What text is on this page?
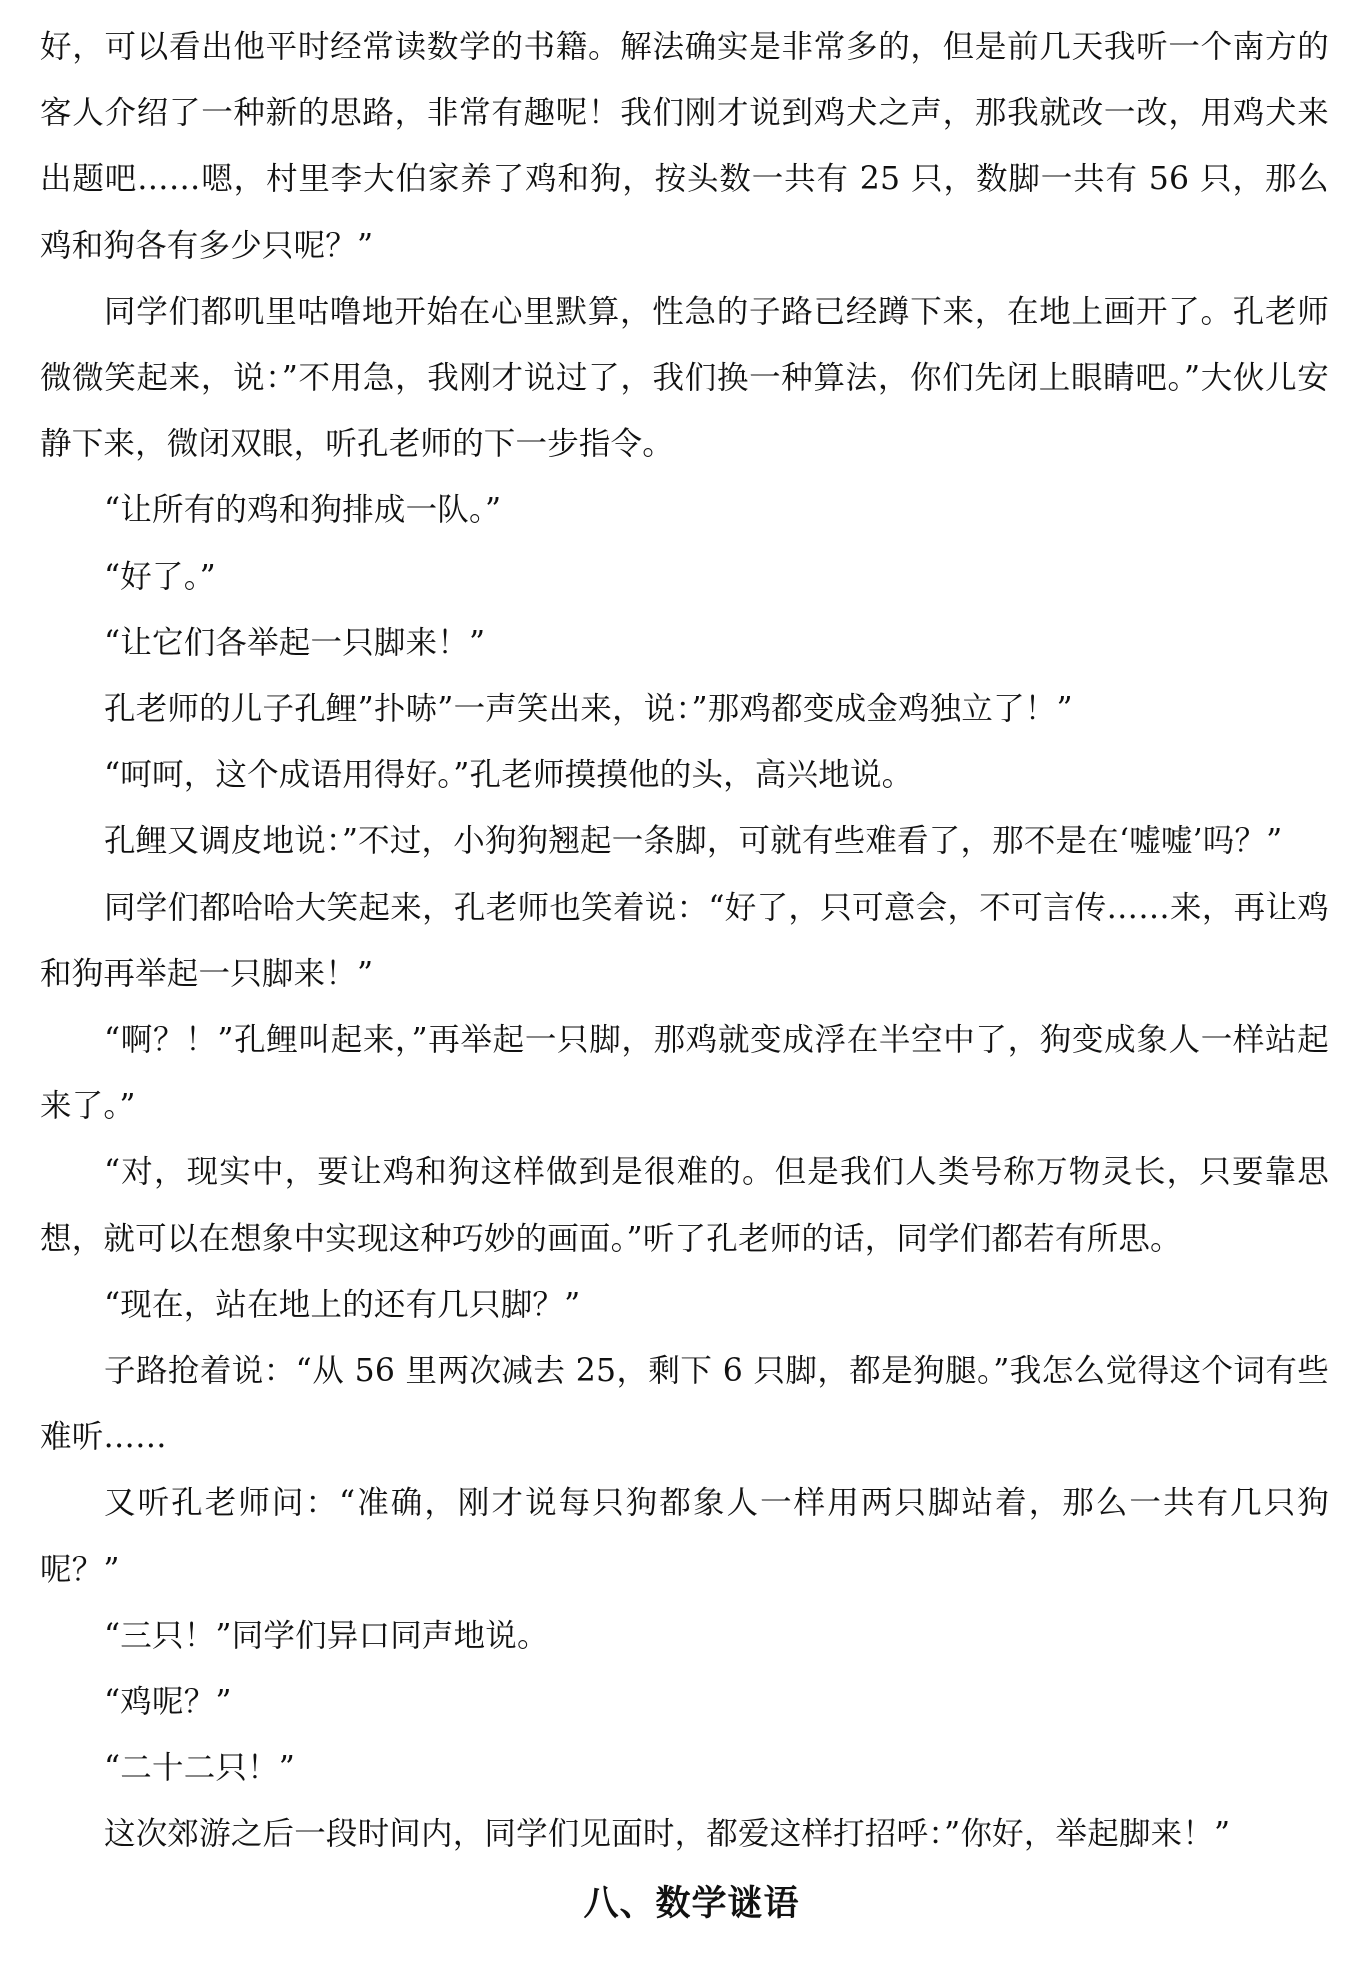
好，可以看出他平时经常读数学的书籍。解法确实是非常多的，但是前几天我听一个南方的客人介绍了一种新的思路，非常有趣呢！我们刚才说到鸡犬之声，那我就改一改，用鸡犬来出题吧……嗯，村里李大伯家养了鸡和狗，按头数一共有 25 只，数脚一共有 56 只，那么鸡和狗各有多少只呢？”

同学们都叽里咕噜地开始在心里默算，性急的子路已经蹲下来，在地上画开了。孔老师微微笑起来，说：”不用急，我刚才说过了，我们换一种算法，你们先闭上眼睛吧。”大伙儿安静下来，微闭双眼，听孔老师的下一步指令。

“让所有的鸡和狗排成一队。”

“好了。”

“让它们各举起一只脚来！”

孔老师的儿子孔鲤”扑哧”一声笑出来，说：”那鸡都变成金鸡独立了！”

“呵呵，这个成语用得好。”孔老师摸摸他的头，高兴地说。

孔鲤又调皮地说：”不过，小狗狗翘起一条脚，可就有些难看了，那不是在‘嘘嘘’吗？”

同学们都哈哈大笑起来，孔老师也笑着说：“好了，只可意会，不可言传……来，再让鸡和狗再举起一只脚来！”

“啊？！”孔鲤叫起来，”再举起一只脚，那鸡就变成浮在半空中了，狗变成象人一样站起来了。”

“对，现实中，要让鸡和狗这样做到是很难的。但是我们人类号称万物灵长，只要靠思想，就可以在想象中实现这种巧妙的画面。”听了孔老师的话，同学们都若有所思。

“现在，站在地上的还有几只脚？”

子路抢着说：“从 56 里两次减去 25，剩下 6 只脚，都是狗腿。”我怎么觉得这个词有些难听……

又听孔老师问：“准确，刚才说每只狗都象人一样用两只脚站着，那么一共有几只狗呢？”

“三只！”同学们异口同声地说。

“鸡呢？”

“二十二只！”

这次郊游之后一段时间内，同学们见面时，都爱这样打招呼：”你好，举起脚来！”

八、数学谜语
